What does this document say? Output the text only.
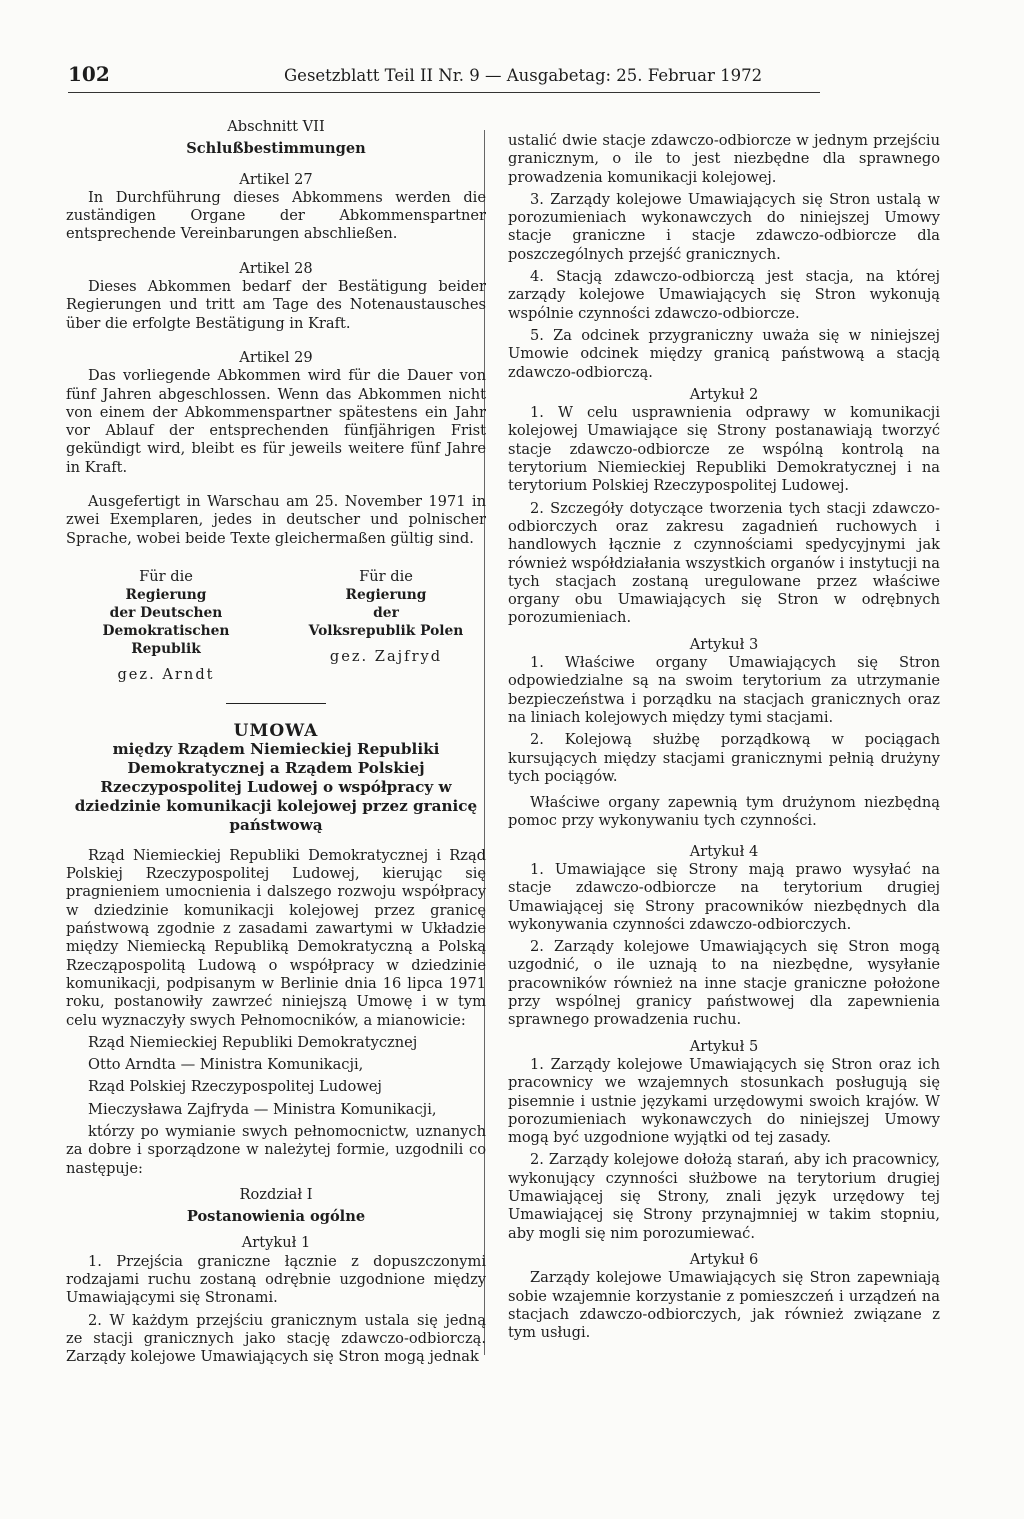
102	Gesetzblatt Teil II Nr. 9 — Ausgabetag: 25. Februar 1972

Abschnitt VII

Schlußbestimmungen

Artikel 27

In Durchführung dieses Abkommens werden die zuständigen Organe der Abkommenspartner entsprechende Vereinbarungen abschließen.

Artikel 28

Dieses Abkommen bedarf der Bestätigung beider Regierungen und tritt am Tage des Notenaustausches über die erfolgte Bestätigung in Kraft.

Artikel 29

Das vorliegende Abkommen wird für die Dauer von fünf Jahren abgeschlossen. Wenn das Abkommen nicht von einem der Abkommenspartner spätestens ein Jahr vor Ablauf der entsprechenden fünfjährigen Frist gekündigt wird, bleibt es für jeweils weitere fünf Jahre in Kraft.

Ausgefertigt in Warschau am 25. November 1971 in zwei Exemplaren, jedes in deutscher und polnischer Sprache, wobei beide Texte gleichermaßen gültig sind.

Für die
Regierung
der Deutschen
Demokratischen Republik
gez. Arndt
Für die
Regierung
der
Volksrepublik Polen
gez. Zajfryd

UMOWA

między Rządem Niemieckiej Republiki Demokratycznej a Rządem Polskiej Rzeczypospolitej Ludowej o współpracy w dziedzinie komunikacji kolejowej przez granicę państwową

Rząd Niemieckiej Republiki Demokratycznej i Rząd Polskiej Rzeczypospolitej Ludowej, kierując się pragnieniem umocnienia i dalszego rozwoju współpracy w dziedzinie komunikacji kolejowej przez granicę państwową zgodnie z zasadami zawartymi w Układzie między Niemiecką Republiką Demokratyczną a Polską Rzecząpospolitą Ludową o współpracy w dziedzinie komunikacji, podpisanym w Berlinie dnia 16 lipca 1971 roku, postanowiły zawrzeć niniejszą Umowę i w tym celu wyznaczyły swych Pełnomocników, a mianowicie:

Rząd Niemieckiej Republiki Demokratycznej

Otto Arndta — Ministra Komunikacji,

Rząd Polskiej Rzeczypospolitej Ludowej

Mieczysława Zajfryda — Ministra Komunikacji,

którzy po wymianie swych pełnomocnictw, uznanych za dobre i sporządzone w należytej formie, uzgodnili co następuje:

Rozdział I

Postanowienia ogólne

Artykuł 1

1. Przejścia graniczne łącznie z dopuszczonymi rodzajami ruchu zostaną odrębnie uzgodnione między Umawiającymi się Stronami.

2. W każdym przejściu granicznym ustala się jedną ze stacji granicznych jako stację zdawczo-odbiorczą. Zarządy kolejowe Umawiających się Stron mogą jednak

ustalić dwie stacje zdawczo-odbiorcze w jednym przejściu granicznym, o ile to jest niezbędne dla sprawnego prowadzenia komunikacji kolejowej.

3. Zarządy kolejowe Umawiających się Stron ustalą w porozumieniach wykonawczych do niniejszej Umowy stacje graniczne i stacje zdawczo-odbiorcze dla poszczególnych przejść granicznych.

4. Stacją zdawczo-odbiorczą jest stacja, na której zarządy kolejowe Umawiających się Stron wykonują wspólnie czynności zdawczo-odbiorcze.

5. Za odcinek przygraniczny uważa się w niniejszej Umowie odcinek między granicą państwową a stacją zdawczo-odbiorczą.

Artykuł 2

1. W celu usprawnienia odprawy w komunikacji kolejowej Umawiające się Strony postanawiają tworzyć stacje zdawczo-odbiorcze ze wspólną kontrolą na terytorium Niemieckiej Republiki Demokratycznej i na terytorium Polskiej Rzeczypospolitej Ludowej.

2. Szczegóły dotyczące tworzenia tych stacji zdawczo-odbiorczych oraz zakresu zagadnień ruchowych i handlowych łącznie z czynnościami spedycyjnymi jak również współdziałania wszystkich organów i instytucji na tych stacjach zostaną uregulowane przez właściwe organy obu Umawiających się Stron w odrębnych porozumieniach.

Artykuł 3

1. Właściwe organy Umawiających się Stron odpowiedzialne są na swoim terytorium za utrzymanie bezpieczeństwa i porządku na stacjach granicznych oraz na liniach kolejowych między tymi stacjami.

2. Kolejową służbę porządkową w pociągach kursujących między stacjami granicznymi pełnią drużyny tych pociągów.

Właściwe organy zapewnią tym drużynom niezbędną pomoc przy wykonywaniu tych czynności.

Artykuł 4

1. Umawiające się Strony mają prawo wysyłać na stacje zdawczo-odbiorcze na terytorium drugiej Umawiającej się Strony pracowników niezbędnych dla wykonywania czynności zdawczo-odbiorczych.

2. Zarządy kolejowe Umawiających się Stron mogą uzgodnić, o ile uznają to na niezbędne, wysyłanie pracowników również na inne stacje graniczne położone przy wspólnej granicy państwowej dla zapewnienia sprawnego prowadzenia ruchu.

Artykuł 5

1. Zarządy kolejowe Umawiających się Stron oraz ich pracownicy we wzajemnych stosunkach posługują się pisemnie i ustnie językami urzędowymi swoich krajów. W porozumieniach wykonawczych do niniejszej Umowy mogą być uzgodnione wyjątki od tej zasady.

2. Zarządy kolejowe dołożą starań, aby ich pracownicy, wykonujący czynności służbowe na terytorium drugiej Umawiającej się Strony, znali język urzędowy tej Umawiającej się Strony przynajmniej w takim stopniu, aby mogli się nim porozumiewać.

Artykuł 6

Zarządy kolejowe Umawiających się Stron zapewniają sobie wzajemnie korzystanie z pomieszczeń i urządzeń na stacjach zdawczo-odbiorczych, jak również związane z tym usługi.
